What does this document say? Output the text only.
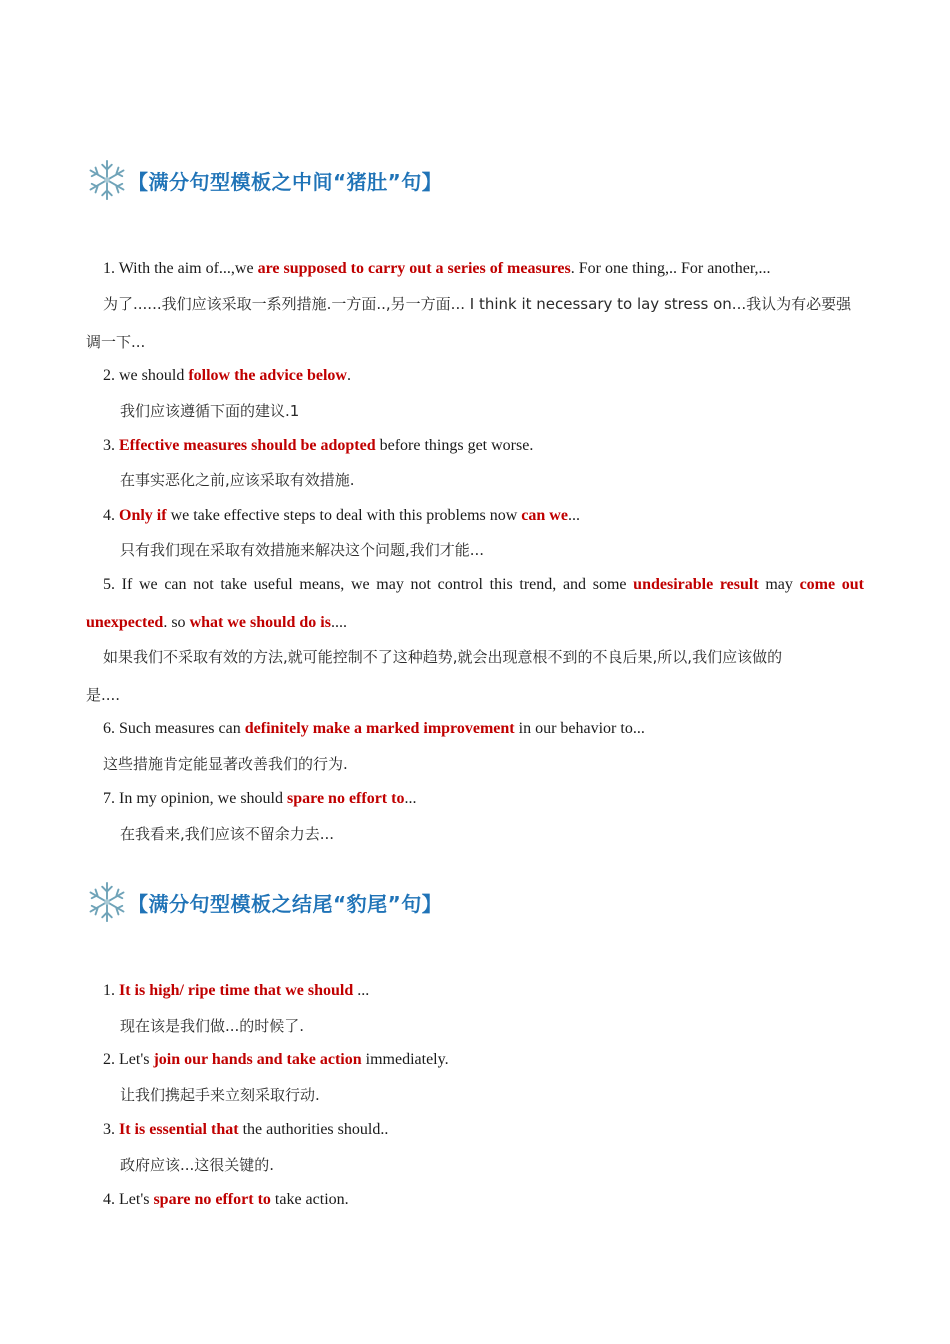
【满分句型模板之中间“猪肚”句】
1. With the aim of...,we are supposed to carry out a series of measures. For one thing,.. For another,...
为了......我们应该采取一系列措施.一方面..,另一方面... I think it necessary to lay stress on...我认为有必要强
调一下...
2. we should follow the advice below.
我们应该遵循下面的建议.1
3. Effective measures should be adopted before things get worse.
在事实恶化之前,应该采取有效措施.
4. Only if we take effective steps to deal with this problems now can we...
只有我们现在采取有效措施来解决这个问题,我们才能...
5. If we can not take useful means, we may not control this trend, and some undesirable result may come out
unexpected. so what we should do is....
如果我们不采取有效的方法,就可能控制不了这种趋势,就会出现意根不到的不良后果,所以,我们应该做的
是....
6. Such measures can definitely make a marked improvement in our behavior to...
这些措施肯定能显著改善我们的行为.
7. In my opinion, we should spare no effort to...
在我看来,我们应该不留余力去...
【满分句型模板之结尾“豹尾”句】
1. It is high/ ripe time that we should ...
现在该是我们做...的时候了.
2. Let's join our hands and take action immediately.
让我们携起手来立刻采取行动.
3. It is essential that the authorities should..
政府应该...这很关键的.
4. Let's spare no effort to take action.
